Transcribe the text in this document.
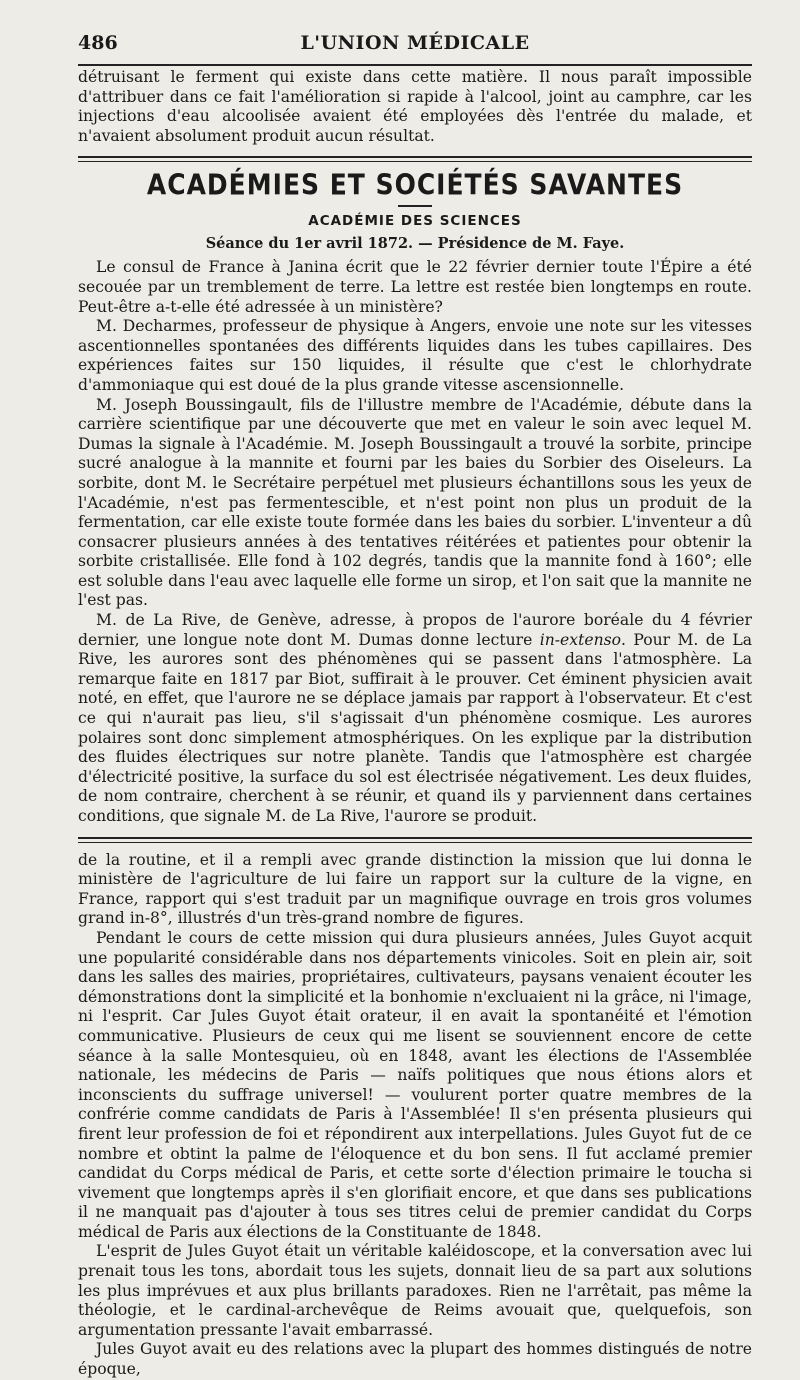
486	L'UNION MÉDICALE

détruisant le ferment qui existe dans cette matière. Il nous paraît impossible d'attribuer dans ce fait l'amélioration si rapide à l'alcool, joint au camphre, car les injections d'eau alcoolisée avaient été employées dès l'entrée du malade, et n'avaient absolument produit aucun résultat.

ACADÉMIES ET SOCIÉTÉS SAVANTES
ACADÉMIE DES SCIENCES
Séance du 1er avril 1872. — Présidence de M. Faye.

Le consul de France à Janina écrit que le 22 février dernier toute l'Épire a été secouée par un tremblement de terre. La lettre est restée bien longtemps en route. Peut-être a-t-elle été adressée à un ministère?

M. Decharmes, professeur de physique à Angers, envoie une note sur les vitesses ascentionnelles spontanées des différents liquides dans les tubes capillaires. Des expériences faites sur 150 liquides, il résulte que c'est le chlorhydrate d'ammoniaque qui est doué de la plus grande vitesse ascensionnelle.

M. Joseph Boussingault, fils de l'illustre membre de l'Académie, débute dans la carrière scientifique par une découverte que met en valeur le soin avec lequel M. Dumas la signale à l'Académie. M. Joseph Boussingault a trouvé la sorbite, principe sucré analogue à la mannite et fourni par les baies du Sorbier des Oiseleurs. La sorbite, dont M. le Secrétaire perpétuel met plusieurs échantillons sous les yeux de l'Académie, n'est pas fermentescible, et n'est point non plus un produit de la fermentation, car elle existe toute formée dans les baies du sorbier. L'inventeur a dû consacrer plusieurs années à des tentatives réitérées et patientes pour obtenir la sorbite cristallisée. Elle fond à 102 degrés, tandis que la mannite fond à 160°; elle est soluble dans l'eau avec laquelle elle forme un sirop, et l'on sait que la mannite ne l'est pas.

M. de La Rive, de Genève, adresse, à propos de l'aurore boréale du 4 février dernier, une longue note dont M. Dumas donne lecture in-extenso. Pour M. de La Rive, les aurores sont des phénomènes qui se passent dans l'atmosphère. La remarque faite en 1817 par Biot, suffirait à le prouver. Cet éminent physicien avait noté, en effet, que l'aurore ne se déplace jamais par rapport à l'observateur. Et c'est ce qui n'aurait pas lieu, s'il s'agissait d'un phénomène cosmique. Les aurores polaires sont donc simplement atmosphériques. On les explique par la distribution des fluides électriques sur notre planète. Tandis que l'atmosphère est chargée d'électricité positive, la surface du sol est électrisée négativement. Les deux fluides, de nom contraire, cherchent à se réunir, et quand ils y parviennent dans certaines conditions, que signale M. de La Rive, l'aurore se produit.

de la routine, et il a rempli avec grande distinction la mission que lui donna le ministère de l'agriculture de lui faire un rapport sur la culture de la vigne, en France, rapport qui s'est traduit par un magnifique ouvrage en trois gros volumes grand in-8°, illustrés d'un très-grand nombre de figures.

Pendant le cours de cette mission qui dura plusieurs années, Jules Guyot acquit une popularité considérable dans nos départements vinicoles. Soit en plein air, soit dans les salles des mairies, propriétaires, cultivateurs, paysans venaient écouter les démonstrations dont la simplicité et la bonhomie n'excluaient ni la grâce, ni l'image, ni l'esprit. Car Jules Guyot était orateur, il en avait la spontanéité et l'émotion communicative. Plusieurs de ceux qui me lisent se souviennent encore de cette séance à la salle Montesquieu, où en 1848, avant les élections de l'Assemblée nationale, les médecins de Paris — naïfs politiques que nous étions alors et inconscients du suffrage universel! — voulurent porter quatre membres de la confrérie comme candidats de Paris à l'Assemblée! Il s'en présenta plusieurs qui firent leur profession de foi et répondirent aux interpellations. Jules Guyot fut de ce nombre et obtint la palme de l'éloquence et du bon sens. Il fut acclamé premier candidat du Corps médical de Paris, et cette sorte d'élection primaire le toucha si vivement que longtemps après il s'en glorifiait encore, et que dans ses publications il ne manquait pas d'ajouter à tous ses titres celui de premier candidat du Corps médical de Paris aux élections de la Constituante de 1848.

L'esprit de Jules Guyot était un véritable kaléidoscope, et la conversation avec lui prenait tous les tons, abordait tous les sujets, donnait lieu de sa part aux solutions les plus imprévues et aux plus brillants paradoxes. Rien ne l'arrêtait, pas même la théologie, et le cardinal-archevêque de Reims avouait que, quelquefois, son argumentation pressante l'avait embarrassé.

Jules Guyot avait eu des relations avec la plupart des hommes distingués de notre époque,
